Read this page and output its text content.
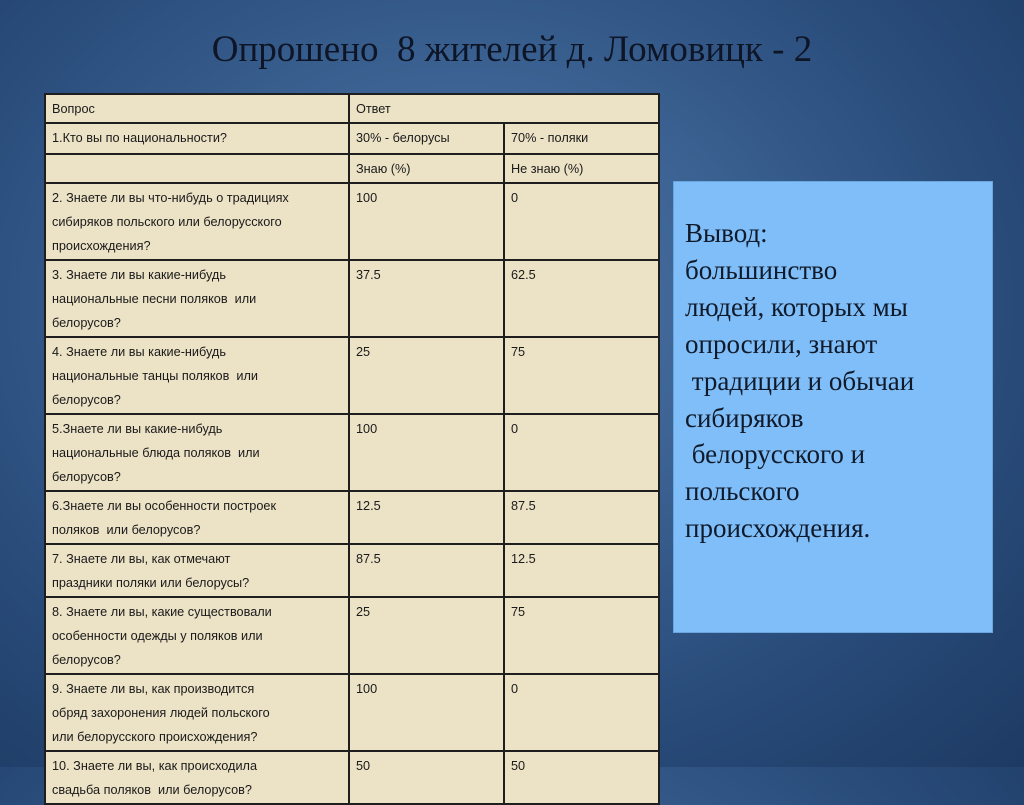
Опрошено  8 жителей д. Ломовицк - 2
Вопрос	Ответ	
1.Кто вы по национальности?	30% - белорусы	70% - поляки
	Знаю (%)	Не знаю (%)
2. Знаете ли вы что-нибудь о традициях
сибиряков польского или белорусского
происхождения?	100	0
3. Знаете ли вы какие-нибудь
национальные песни поляков  или
белорусов?	37.5	62.5
4. Знаете ли вы какие-нибудь
национальные танцы поляков  или
белорусов?	25	75
5.Знаете ли вы какие-нибудь
национальные блюда поляков  или
белорусов?	100	0
6.Знаете ли вы особенности построек
поляков  или белорусов?	12.5	87.5
7. Знаете ли вы, как отмечают
праздники поляки или белорусы?	87.5	12.5
8. Знаете ли вы, какие существовали
особенности одежды у поляков или
белорусов?	25	75
9. Знаете ли вы, как производится
обряд захоронения людей польского
или белорусского происхождения?	100	0
10. Знаете ли вы, как происходила
свадьба поляков  или белорусов?	50	50
Вывод:
большинство
людей, которых мы
опросили, знают
традиции и обычаи
сибиряков
белорусского и
польского
происхождения.
